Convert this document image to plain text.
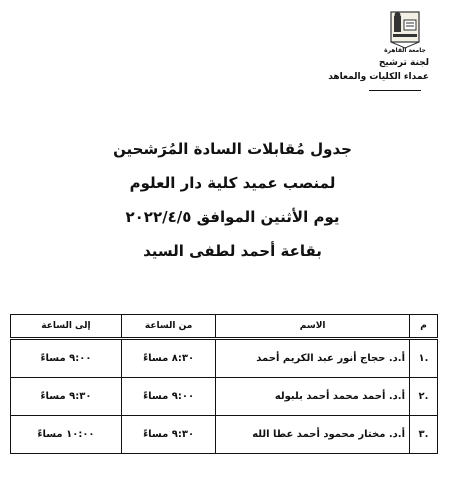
جامعة القاهرة
لجنة ترشيح
عمداء الكليات والمعاهد
جدول مُقابلات السادة المُرَشحين
لمنصب عميد كلية دار العلوم
يوم الأثنين الموافق ٢٠٢٢/٤/٥
بقاعة أحمد لطفى السيد
م	الاسم	من الساعة	إلى الساعة
.١	أ.د. حجاج أنور عبد الكريم أحمد	٨:٣٠ مساءً	٩:٠٠ مساءً
.٢	أ.د. أحمد محمد أحمد بلبوله	٩:٠٠ مساءً	٩:٣٠ مساءً
.٣	أ.د. مختار محمود أحمد عطا الله	٩:٣٠ مساءً	١٠:٠٠ مساءً
